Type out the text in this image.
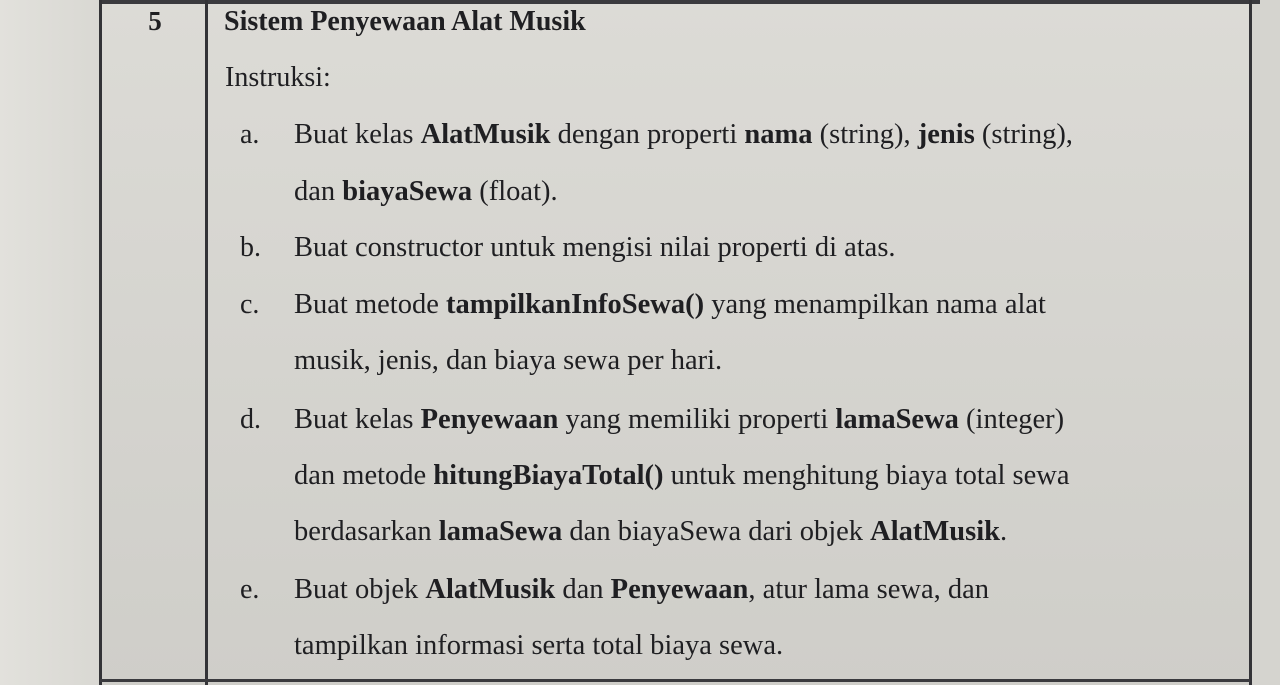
5	Sistem Penyewaan Alat Musik
Instruksi:
a.	Buat kelas AlatMusik dengan properti nama (string), jenis (string),
dan biayaSewa (float).
b.	Buat constructor untuk mengisi nilai properti di atas.
c.	Buat metode tampilkanInfoSewa() yang menampilkan nama alat
musik, jenis, dan biaya sewa per hari.
d.	Buat kelas Penyewaan yang memiliki properti lamaSewa (integer)
dan metode hitungBiayaTotal() untuk menghitung biaya total sewa
berdasarkan lamaSewa dan biayaSewa dari objek AlatMusik.
e.	Buat objek AlatMusik dan Penyewaan, atur lama sewa, dan
tampilkan informasi serta total biaya sewa.
